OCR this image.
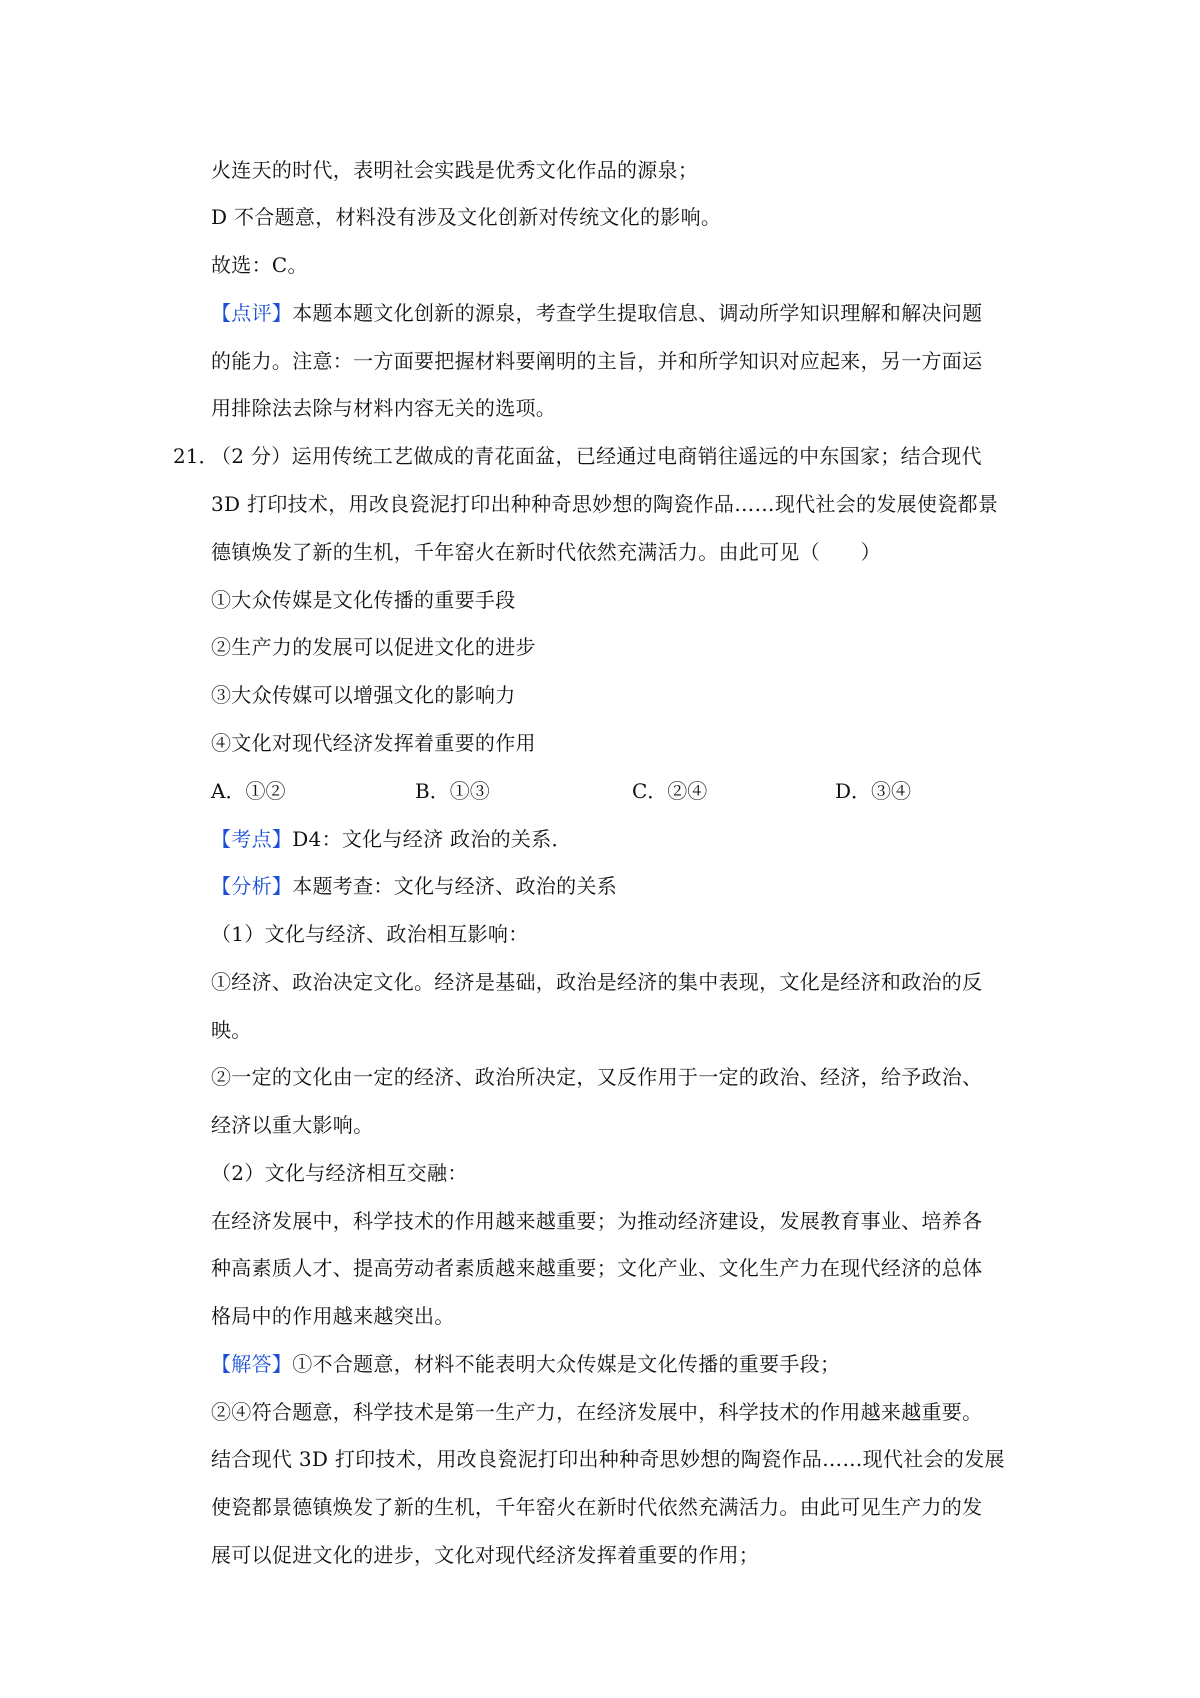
火连天的时代，表明社会实践是优秀文化作品的源泉；
D 不合题意，材料没有涉及文化创新对传统文化的影响。
故选：C。
【点评】本题本题文化创新的源泉，考查学生提取信息、调动所学知识理解和解决问题
的能力。注意：一方面要把握材料要阐明的主旨，并和所学知识对应起来，另一方面运
用排除法去除与材料内容无关的选项。
21．
（2 分）运用传统工艺做成的青花面盆，已经通过电商销往遥远的中东国家；结合现代
3D 打印技术，用改良瓷泥打印出种种奇思妙想的陶瓷作品……现代社会的发展使瓷都景
德镇焕发了新的生机，千年窑火在新时代依然充满活力。由此可见（　　）
①大众传媒是文化传播的重要手段
②生产力的发展可以促进文化的进步
③大众传媒可以增强文化的影响力
④文化对现代经济发挥着重要的作用
A．①②	B．①③	C．②④	D．③④
【考点】D4：文化与经济 政治的关系．
【分析】本题考查：文化与经济、政治的关系
（1）文化与经济、政治相互影响：
①经济、政治决定文化。经济是基础，政治是经济的集中表现，文化是经济和政治的反
映。
②一定的文化由一定的经济、政治所决定，又反作用于一定的政治、经济，给予政治、
经济以重大影响。
（2）文化与经济相互交融：
在经济发展中，科学技术的作用越来越重要；为推动经济建设，发展教育事业、培养各
种高素质人才、提高劳动者素质越来越重要；文化产业、文化生产力在现代经济的总体
格局中的作用越来越突出。
【解答】①不合题意，材料不能表明大众传媒是文化传播的重要手段；
②④符合题意，科学技术是第一生产力，在经济发展中，科学技术的作用越来越重要。
结合现代 3D 打印技术，用改良瓷泥打印出种种奇思妙想的陶瓷作品……现代社会的发展
使瓷都景德镇焕发了新的生机，千年窑火在新时代依然充满活力。由此可见生产力的发
展可以促进文化的进步，文化对现代经济发挥着重要的作用；
